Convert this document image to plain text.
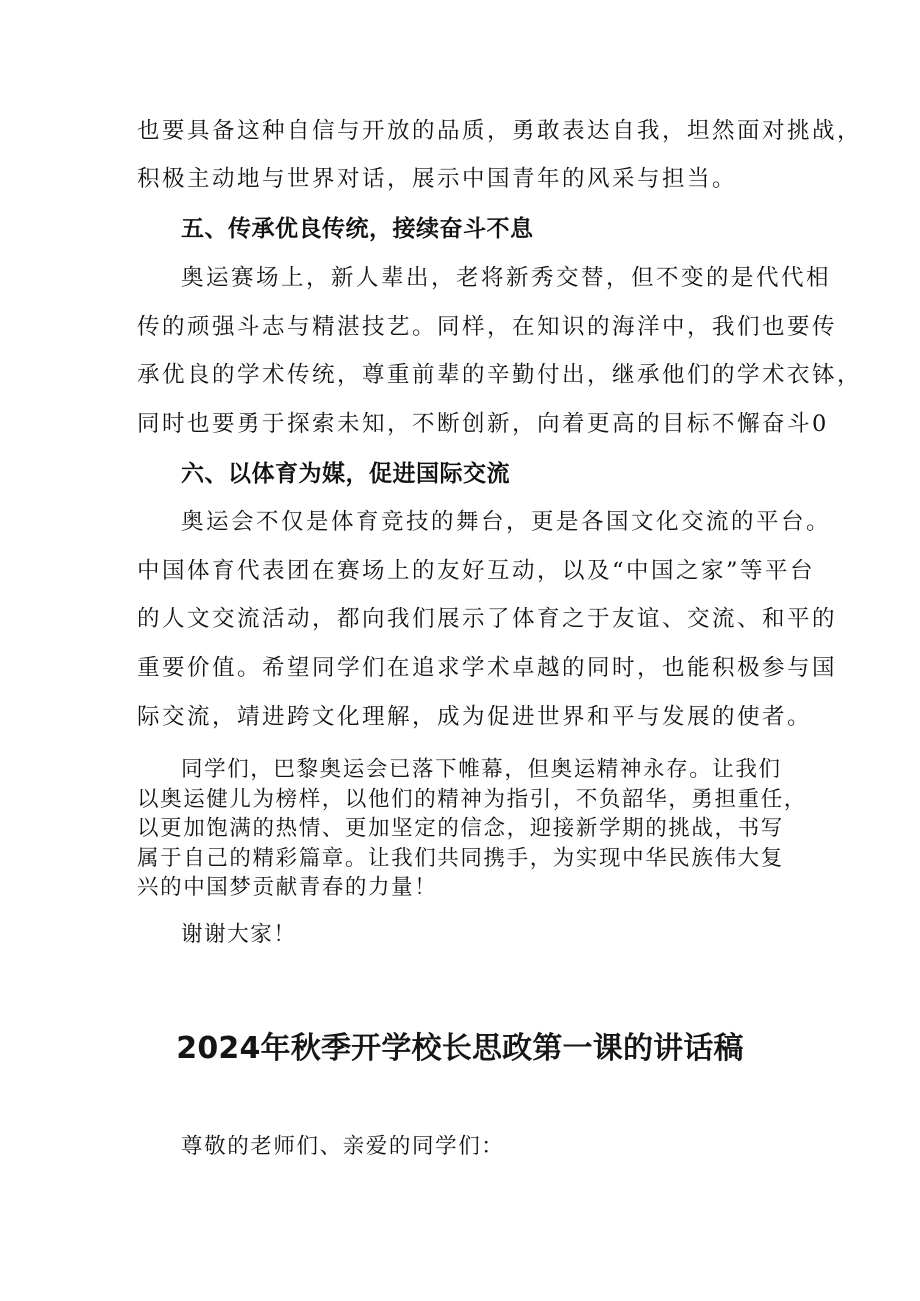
也要具备这种自信与开放的品质，勇敢表达自我，坦然面对挑战，

积极主动地与世界对话，展示中国青年的风采与担当。

五、传承优良传统，接续奋斗不息

奥运赛场上，新人辈出，老将新秀交替，但不变的是代代相

传的顽强斗志与精湛技艺。同样，在知识的海洋中，我们也要传

承优良的学术传统，尊重前辈的辛勤付出，继承他们的学术衣钵，

同时也要勇于探索未知，不断创新，向着更高的目标不懈奋斗0

六、以体育为媒，促进国际交流

奥运会不仅是体育竞技的舞台，更是各国文化交流的平台。

中国体育代表团在赛场上的友好互动，以及“中国之家”等平台

的人文交流活动，都向我们展示了体育之于友谊、交流、和平的

重要价值。希望同学们在追求学术卓越的同时，也能积极参与国

际交流，靖进跨文化理解，成为促进世界和平与发展的使者。

同学们，巴黎奥运会已落下帷幕，但奥运精神永存。让我们

以奥运健儿为榜样，以他们的精神为指引，不负韶华，勇担重任，

以更加饱满的热情、更加坚定的信念，迎接新学期的挑战，书写

属于自己的精彩篇章。让我们共同携手，为实现中华民族伟大复

兴的中国梦贡献青春的力量！

谢谢大家！

2024年秋季开学校长思政第一课的讲话稿

尊敬的老师们、亲爱的同学们：
